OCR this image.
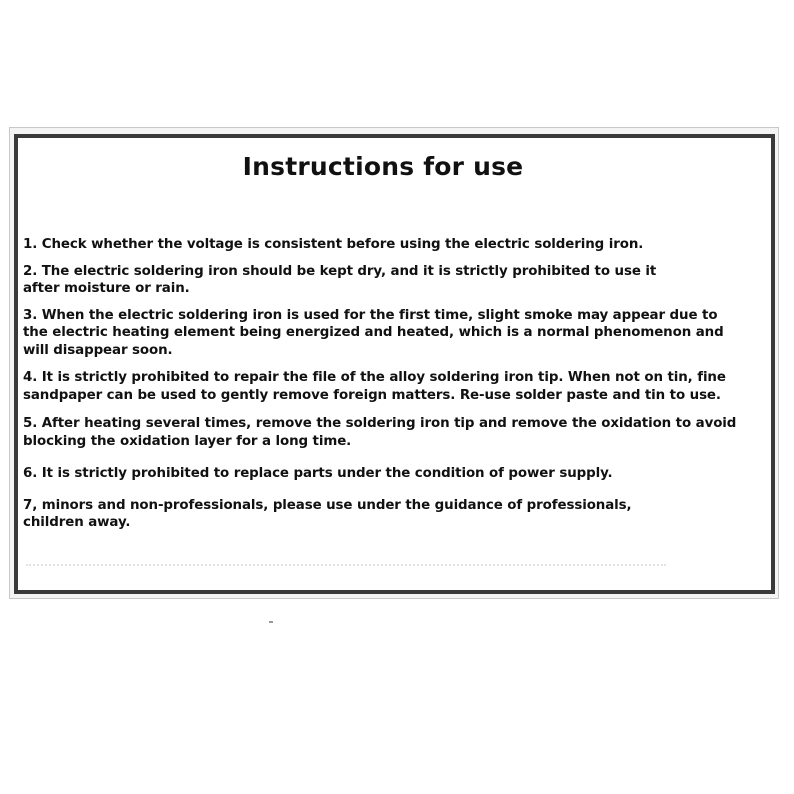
Instructions for use
1. Check whether the voltage is consistent before using the electric soldering iron.
2. The electric soldering iron should be kept dry, and it is strictly prohibited to use it
after moisture or rain.
3. When the electric soldering iron is used for the first time, slight smoke may appear due to
the electric heating element being energized and heated, which is a normal phenomenon and
will disappear soon.
4. It is strictly prohibited to repair the file of the alloy soldering iron tip. When not on tin, fine
sandpaper can be used to gently remove foreign matters. Re-use solder paste and tin to use.
5. After heating several times, remove the soldering iron tip and remove the oxidation to avoid
blocking the oxidation layer for a long time.
6. It is strictly prohibited to replace parts under the condition of power supply.
7, minors and non-professionals, please use under the guidance of professionals,
children away.
